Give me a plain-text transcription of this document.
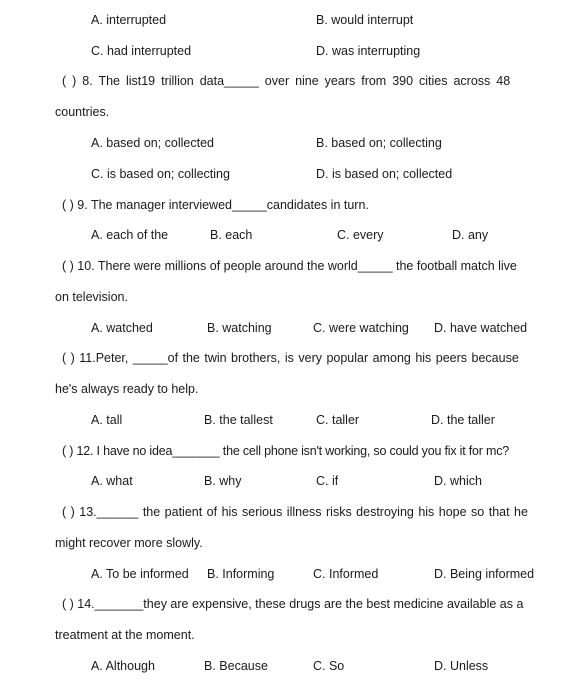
A. interrupted	B. would interrupt
C. had interrupted	D. was interrupting
( ) 8. The list19 trillion data_____ over nine years from 390 cities across 48
countries.
A. based on; collected	B. based on; collecting
C. is based on; collecting	D. is based on; collected
( ) 9. The manager interviewed_____candidates in turn.
A. each of the	B. each	C. every	D. any
( ) 10. There were millions of people around the world_____ the football match live
on television.
A. watched	B. watching	C. were watching D. have watched
( ) 11.Peter, _____of the twin brothers, is very popular among his peers because
he's always ready to help.
A. tall	B. the tallest	C. taller	D. the taller
( ) 12. I have no idea_______ the cell phone isn't working, so could you fix it for mc?
A. what	B. why	C. if	D. which
( ) 13.______ the patient of his serious illness risks destroying his hope so that he
might recover more slowly.
A. To be informed B. Informing	C. Informed	D. Being informed
( ) 14._______they are expensive, these drugs are the best medicine available as a
treatment at the moment.
A. Although	B. Because	C. So	D. Unless
